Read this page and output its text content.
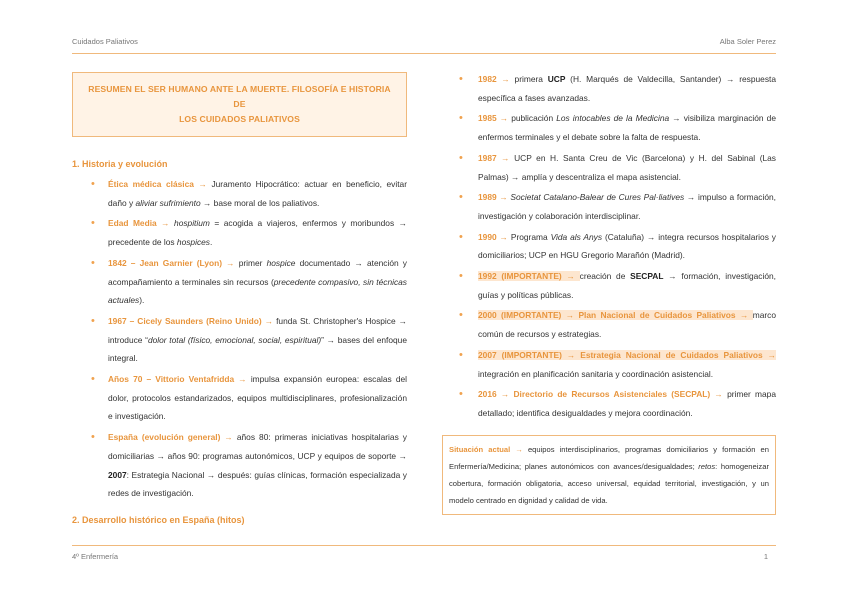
Cuidados Paliativos	Alba Soler Perez
RESUMEN EL SER HUMANO ANTE LA MUERTE. FILOSOFÍA E HISTORIA DE
LOS CUIDADOS PALIATIVOS
1. Historia y evolución
• Ética médica clásica → Juramento Hipocrático: actuar en beneficio, evitar daño y aliviar sufrimiento → base moral de los paliativos.
• Edad Media → hospitium = acogida a viajeros, enfermos y moribundos → precedente de los hospices.
• 1842 – Jean Garnier (Lyon) → primer hospice documentado → atención y acompañamiento a terminales sin recursos (precedente compasivo, sin técnicas actuales).
• 1967 – Cicely Saunders (Reino Unido) → funda St. Christopher's Hospice → introduce “dolor total (físico, emocional, social, espiritual)” → bases del enfoque integral.
• Años 70 – Vittorio Ventafridda → impulsa expansión europea: escalas del dolor, protocolos estandarizados, equipos multidisciplinares, profesionalización e investigación.
• España (evolución general) → años 80: primeras iniciativas hospitalarias y domiciliarias → años 90: programas autonómicos, UCP y equipos de soporte → 2007: Estrategia Nacional → después: guías clínicas, formación especializada y redes de investigación.
2. Desarrollo histórico en España (hitos)
• 1982 → primera UCP (H. Marqués de Valdecilla, Santander) → respuesta específica a fases avanzadas.
• 1985 → publicación Los intocables de la Medicina → visibiliza marginación de enfermos terminales y el debate sobre la falta de respuesta.
• 1987 → UCP en H. Santa Creu de Vic (Barcelona) y H. del Sabinal (Las Palmas) → amplía y descentraliza el mapa asistencial.
• 1989 → Societat Catalano-Balear de Cures Pal·liatives → impulso a formación, investigación y colaboración interdisciplinar.
• 1990 → Programa Vida als Anys (Cataluña) → integra recursos hospitalarios y domiciliarios; UCP en HGU Gregorio Marañón (Madrid).
• 1992 (IMPORTANTE) → creación de SECPAL → formación, investigación, guías y políticas públicas.
• 2000 (IMPORTANTE) → Plan Nacional de Cuidados Paliativos → marco común de recursos y estrategias.
• 2007 (IMPORTANTE) → Estrategia Nacional de Cuidados Paliativos → integración en planificación sanitaria y coordinación asistencial.
• 2016 → Directorio de Recursos Asistenciales (SECPAL) → primer mapa detallado; identifica desigualdades y mejora coordinación.
Situación actual → equipos interdisciplinarios, programas domiciliarios y formación en Enfermería/Medicina; planes autonómicos con avances/desigualdades; retos: homogeneizar cobertura, formación obligatoria, acceso universal, equidad territorial, investigación, y un modelo centrado en dignidad y calidad de vida.
4º Enfermería	1
